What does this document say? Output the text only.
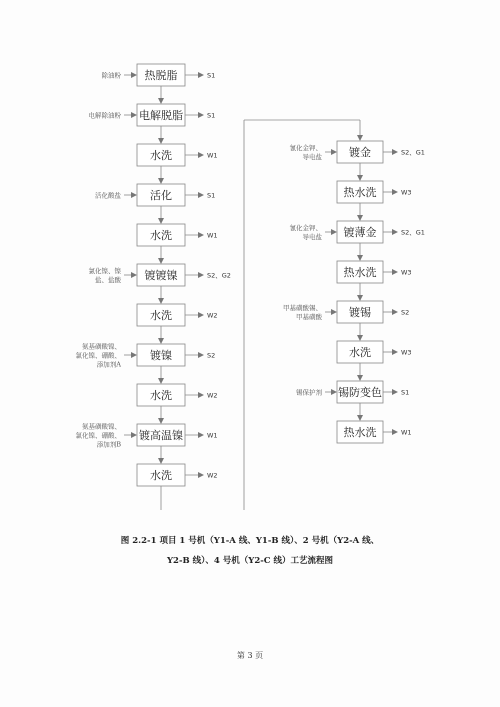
热脱脂	S1
除油粉
电解脱脂	S1
电解除油粉
水洗	W1
活化	S1
活化酸盐
水洗	W1
镀镀镍	S2、G2
氯化镍、镍
盐、盐酸
水洗	W2
镀镍	S2
氨基磺酸镍、
氯化镍、硼酸、
添加剂A
水洗	W2
镀高温镍	W1
氨基磺酸镍、
氯化镍、硼酸、
添加剂B
水洗	W2
镀金	S2、G1
氰化金钾、
导电盐
热水洗	W3
镀薄金	S2、G1
氰化金钾、
导电盐
热水洗	W3
镀锡	S2
甲基磺酸锡、
甲基磺酸
水洗	W3
锡防变色	S1
锡保护剂
热水洗	W1
图 2.2-1 项目 1 号机（Y1-A 线、Y1-B 线）、2 号机（Y2-A 线、
Y2-B 线）、4 号机（Y2-C 线）工艺流程图
第 3 页
